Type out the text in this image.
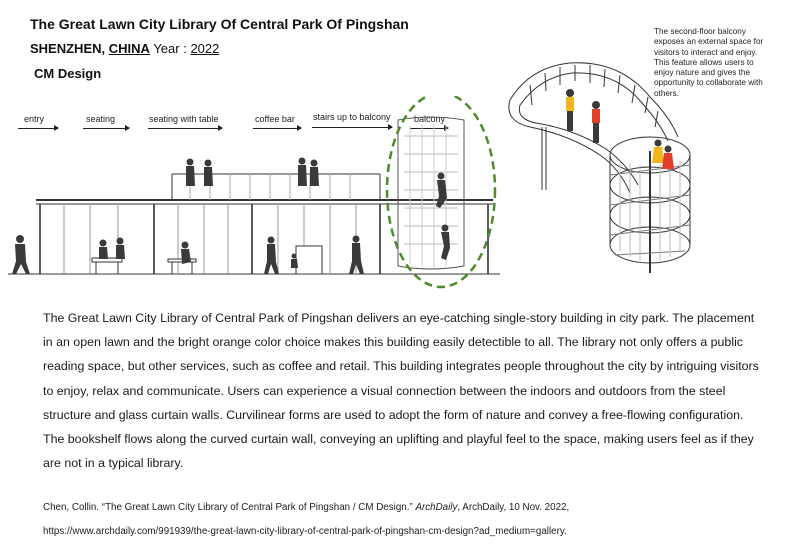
The Great Lawn City Library Of Central Park Of Pingshan
SHENZHEN, CHINA Year : 2022
CM Design
entry	seating	seating with table	coffee bar stairs up to balcony	balcony
The second-floor balcony exposes an external space for visitors to interact and enjoy. This feature allows users to enjoy nature and gives the opportunity to collaborate with others.
The Great Lawn City Library of Central Park of Pingshan delivers an eye-catching single-story building in city park. The placement in an open lawn and the bright orange color choice makes this building easily detectible to all. The library not only offers a public reading space, but other services, such as coffee and retail. This building integrates people throughout the city by intriguing visitors to enjoy, relax and communicate. Users can experience a visual connection between the indoors and outdoors from the steel structure and glass curtain walls. Curvilinear forms are used to adopt the form of nature and convey a free-flowing configuration. The bookshelf flows along the curved curtain wall, conveying an uplifting and playful feel to the space, making users feel as if they are not in a typical library.
Chen, Collin. “The Great Lawn City Library of Central Park of Pingshan / CM Design.” ArchDaily, ArchDaily, 10 Nov. 2022,
https://www.archdaily.com/991939/the-great-lawn-city-library-of-central-park-of-pingshan-cm-design?ad_medium=gallery.
